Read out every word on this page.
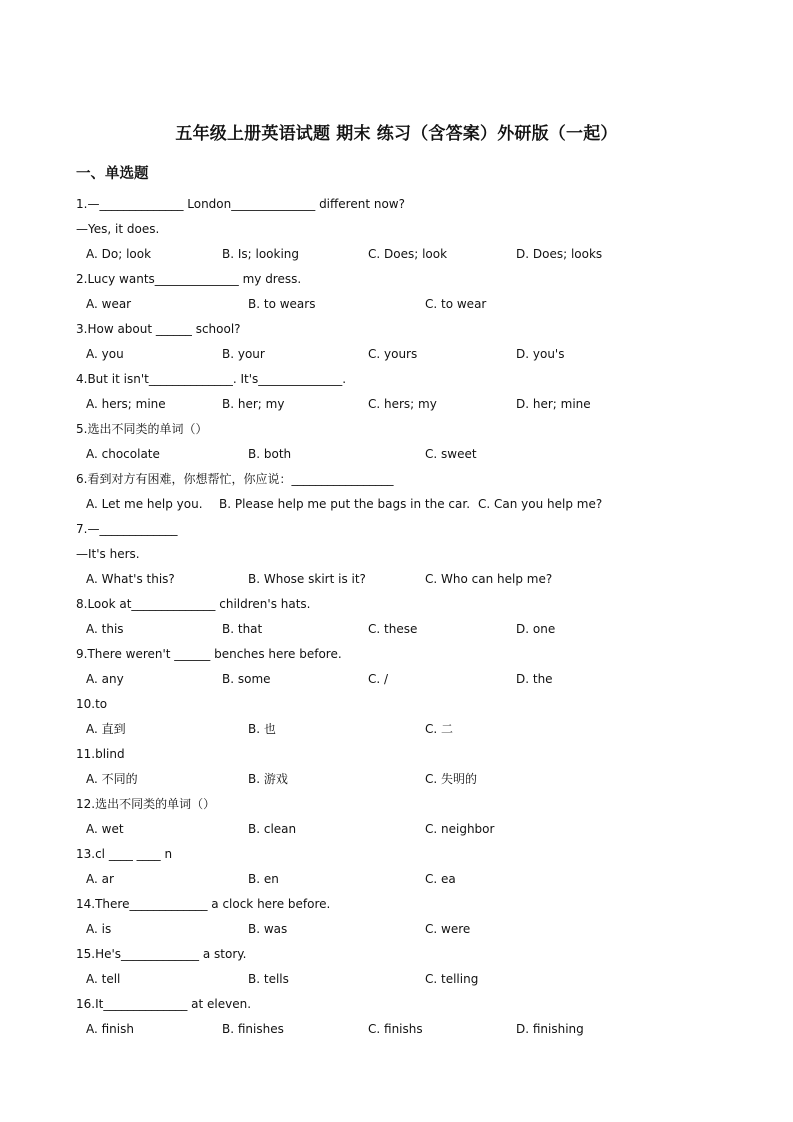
五年级上册英语试题 期末 练习（含答案）外研版（一起）
一、单选题
1.—______________ London______________ different now?
—Yes, it does.
A. Do; look	B. Is; looking	C. Does; look	D. Does; looks
2.Lucy wants______________ my dress.
A. wear	B. to wears	C. to wear
3.How about ______ school?
A. you	B. your	C. yours	D. you's
4.But it isn't______________. It's______________.
A. hers; mine	B. her; my	C. hers; my	D. her; mine
5.选出不同类的单词（）
A. chocolate	B. both	C. sweet
6.看到对方有困难，你想帮忙，你应说：_________________
A. Let me help you. B. Please help me put the bags in the car. C. Can you help me?
7.—_____________
—It's hers.
A. What's this?	B. Whose skirt is it?	C. Who can help me?
8.Look at______________ children's hats.
A. this	B. that	C. these	D. one
9.There weren't ______ benches here before.
A. any	B. some	C. /	D. the
10.to
A. 直到	B. 也	C. 二
11.blind
A. 不同的	B. 游戏	C. 失明的
12.选出不同类的单词（）
A. wet	B. clean	C. neighbor
13.cl ____ ____ n
A. ar	B. en	C. ea
14.There_____________ a clock here before.
A. is	B. was	C. were
15.He's_____________ a story.
A. tell	B. tells	C. telling
16.It______________ at eleven.
A. finish	B. finishes	C. finishs	D. finishing
